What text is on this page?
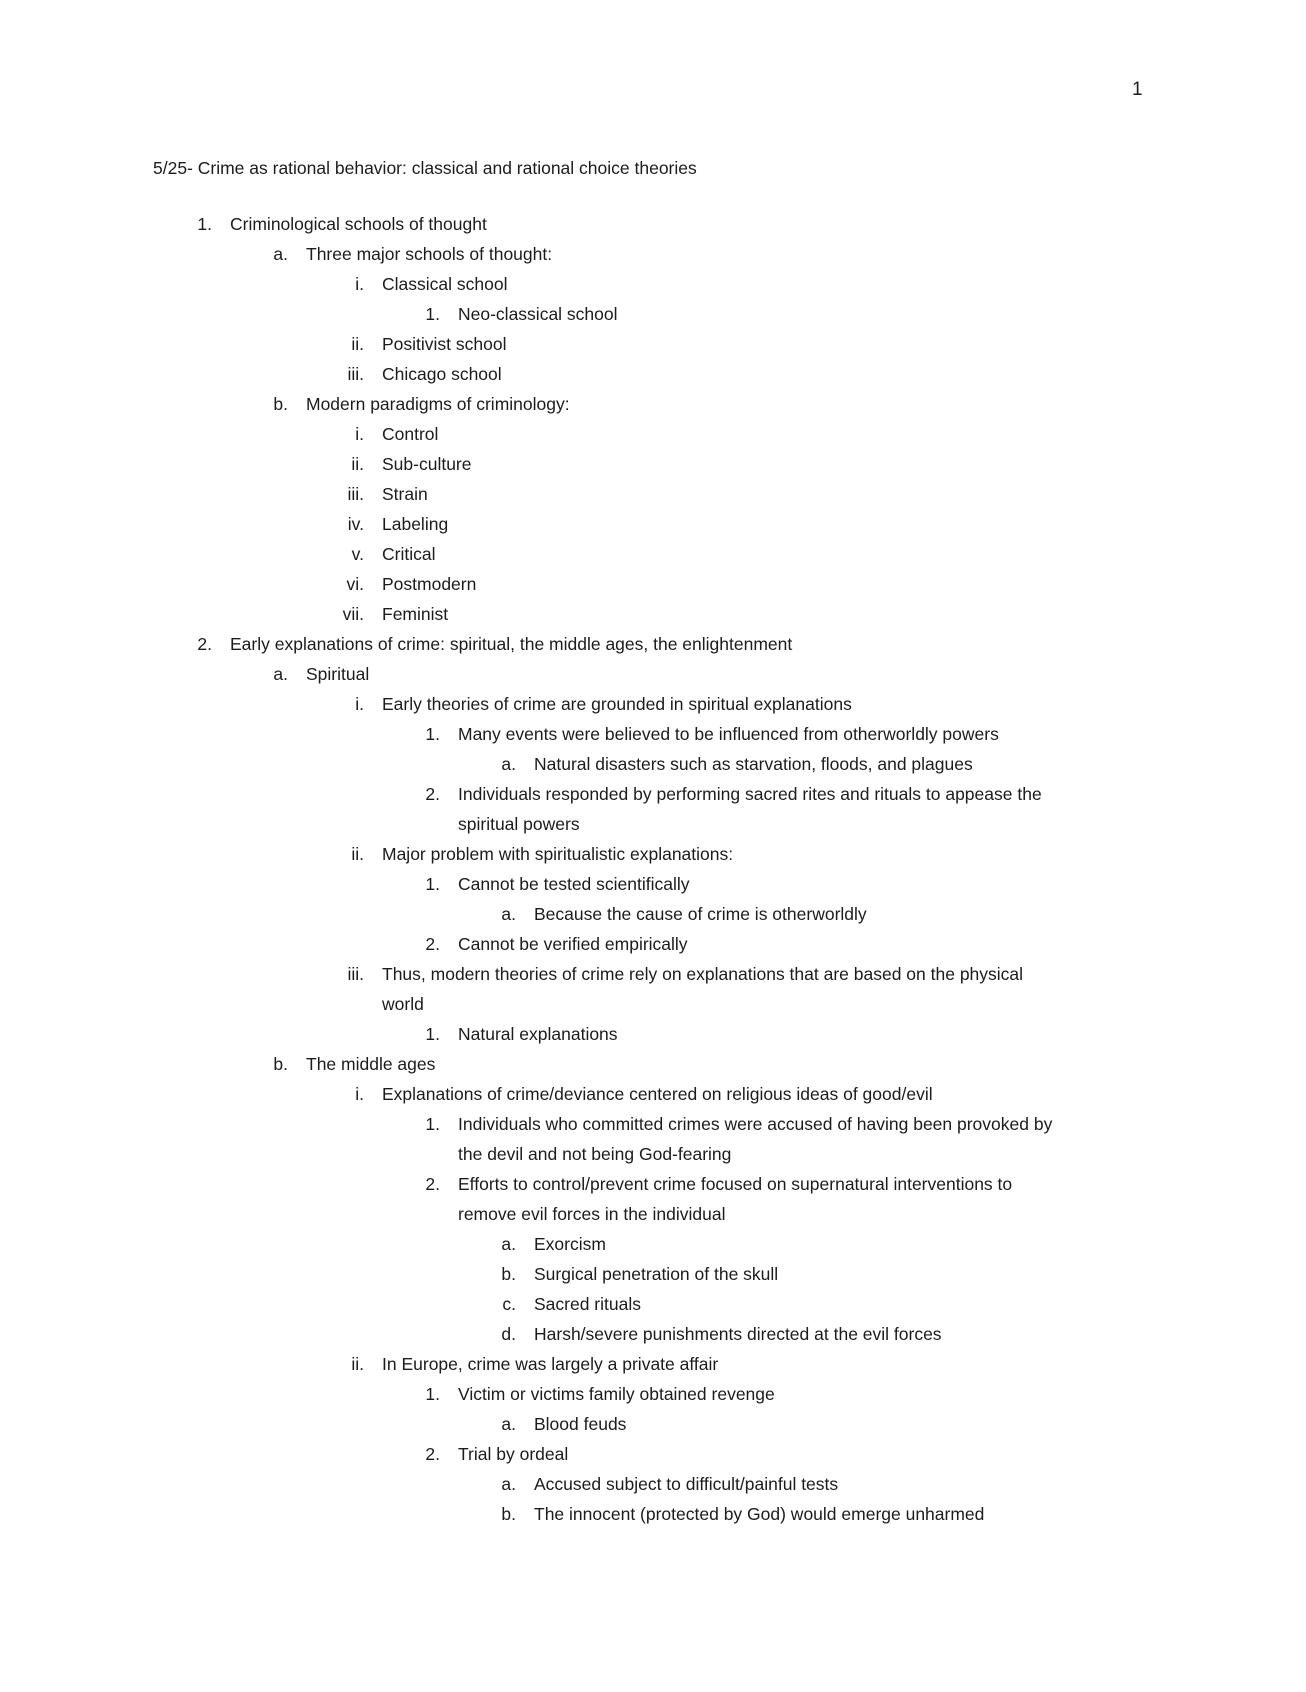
1
5/25- Crime as rational behavior: classical and rational choice theories
1. Criminological schools of thought
a. Three major schools of thought:
i. Classical school
1. Neo-classical school
ii. Positivist school
iii. Chicago school
b. Modern paradigms of criminology:
i. Control
ii. Sub-culture
iii. Strain
iv. Labeling
v. Critical
vi. Postmodern
vii. Feminist
2. Early explanations of crime: spiritual, the middle ages, the enlightenment
a. Spiritual
i. Early theories of crime are grounded in spiritual explanations
1. Many events were believed to be influenced from otherworldly powers
a. Natural disasters such as starvation, floods, and plagues
2. Individuals responded by performing sacred rites and rituals to appease the
spiritual powers
ii. Major problem with spiritualistic explanations:
1. Cannot be tested scientifically
a. Because the cause of crime is otherworldly
2. Cannot be verified empirically
iii. Thus, modern theories of crime rely on explanations that are based on the physical
world
1. Natural explanations
b. The middle ages
i. Explanations of crime/deviance centered on religious ideas of good/evil
1. Individuals who committed crimes were accused of having been provoked by
the devil and not being God-fearing
2. Efforts to control/prevent crime focused on supernatural interventions to
remove evil forces in the individual
a. Exorcism
b. Surgical penetration of the skull
c. Sacred rituals
d. Harsh/severe punishments directed at the evil forces
ii. In Europe, crime was largely a private affair
1. Victim or victims family obtained revenge
a. Blood feuds
2. Trial by ordeal
a. Accused subject to difficult/painful tests
b. The innocent (protected by God) would emerge unharmed
